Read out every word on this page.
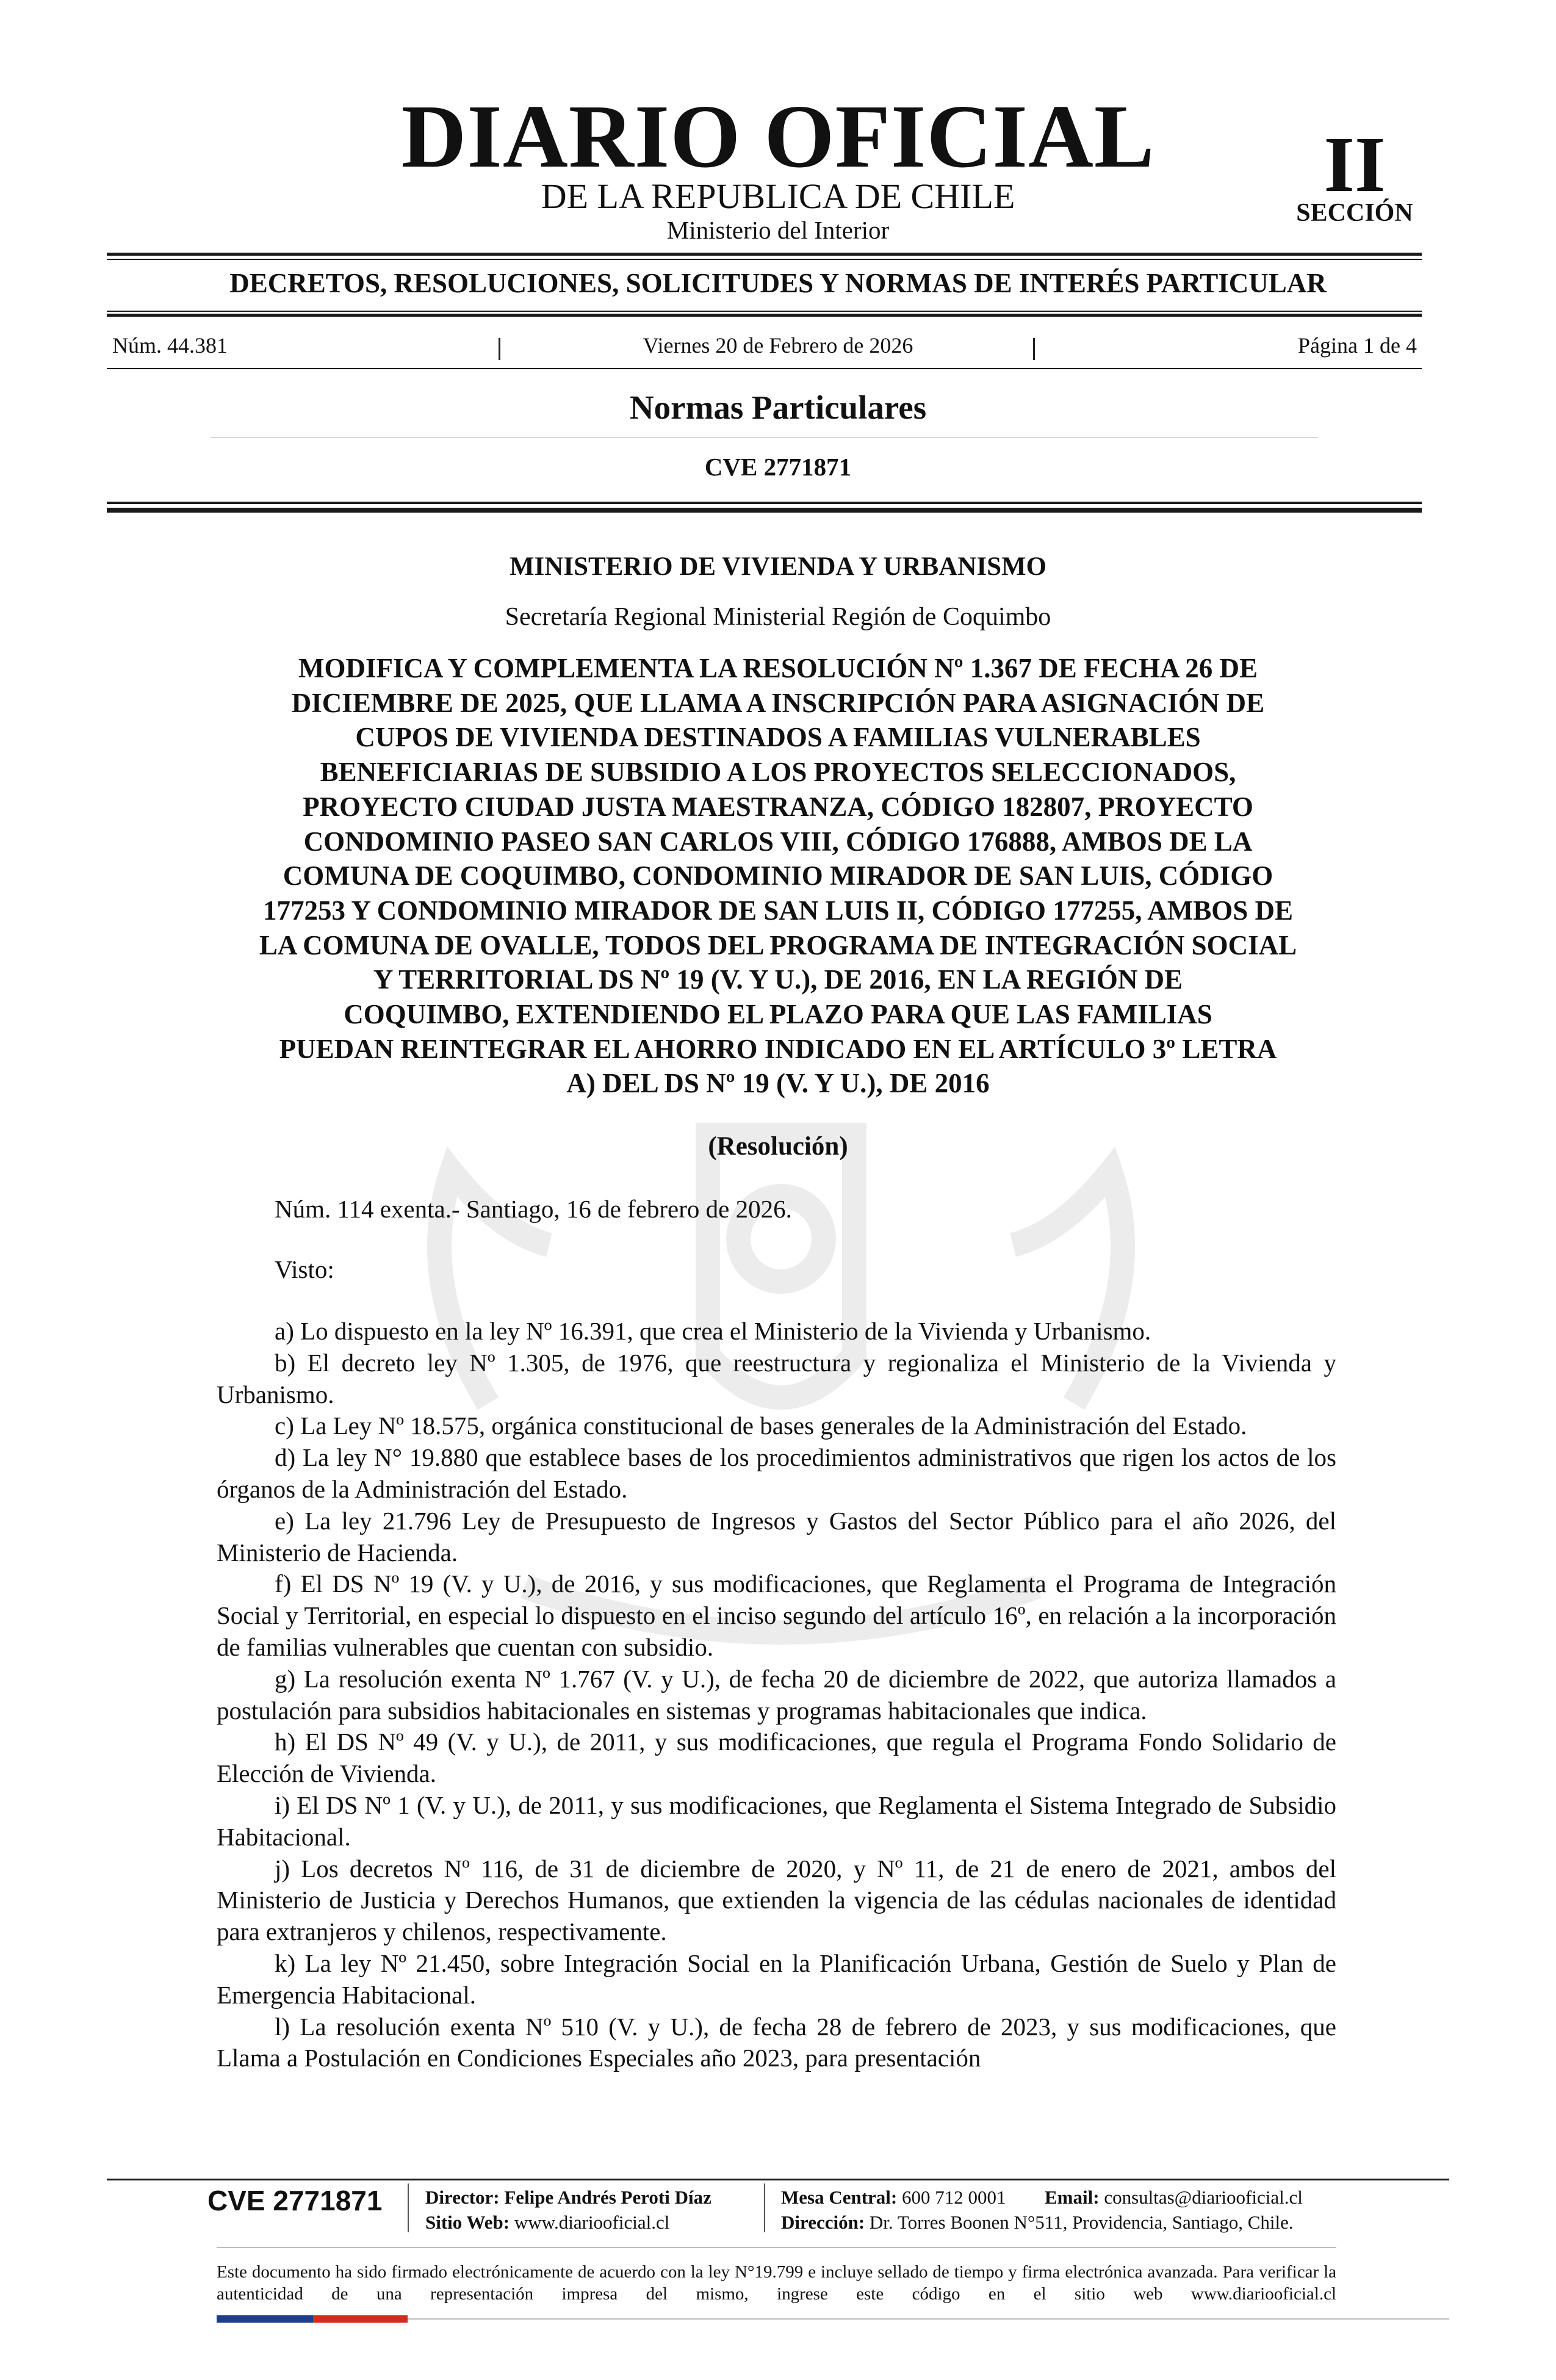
DIARIO OFICIAL
DE LA REPUBLICA DE CHILE
Ministerio del Interior
II
SECCIÓN
DECRETOS, RESOLUCIONES, SOLICITUDES Y NORMAS DE INTERÉS PARTICULAR
Núm. 44.381	Viernes 20 de Febrero de 2026	Página 1 de 4
Normas Particulares
CVE 2771871
MINISTERIO DE VIVIENDA Y URBANISMO
Secretaría Regional Ministerial Región de Coquimbo
MODIFICA Y COMPLEMENTA LA RESOLUCIÓN Nº 1.367 DE FECHA 26 DE
DICIEMBRE DE 2025, QUE LLAMA A INSCRIPCIÓN PARA ASIGNACIÓN DE
CUPOS DE VIVIENDA DESTINADOS A FAMILIAS VULNERABLES
BENEFICIARIAS DE SUBSIDIO A LOS PROYECTOS SELECCIONADOS,
PROYECTO CIUDAD JUSTA MAESTRANZA, CÓDIGO 182807, PROYECTO
CONDOMINIO PASEO SAN CARLOS VIII, CÓDIGO 176888, AMBOS DE LA
COMUNA DE COQUIMBO, CONDOMINIO MIRADOR DE SAN LUIS, CÓDIGO
177253 Y CONDOMINIO MIRADOR DE SAN LUIS II, CÓDIGO 177255, AMBOS DE
LA COMUNA DE OVALLE, TODOS DEL PROGRAMA DE INTEGRACIÓN SOCIAL
Y TERRITORIAL DS Nº 19 (V. Y U.), DE 2016, EN LA REGIÓN DE
COQUIMBO, EXTENDIENDO EL PLAZO PARA QUE LAS FAMILIAS
PUEDAN REINTEGRAR EL AHORRO INDICADO EN EL ARTÍCULO 3º LETRA
A) DEL DS Nº 19 (V. Y U.), DE 2016
(Resolución)
Núm. 114 exenta.- Santiago, 16 de febrero de 2026.
Visto:

a) Lo dispuesto en la ley Nº 16.391, que crea el Ministerio de la Vivienda y Urbanismo.

b) El decreto ley Nº 1.305, de 1976, que reestructura y regionaliza el Ministerio de la Vivienda y Urbanismo.

c) La Ley Nº 18.575, orgánica constitucional de bases generales de la Administración del Estado.

d) La ley N° 19.880 que establece bases de los procedimientos administrativos que rigen los actos de los órganos de la Administración del Estado.

e) La ley 21.796 Ley de Presupuesto de Ingresos y Gastos del Sector Público para el año 2026, del Ministerio de Hacienda.

f) El DS Nº 19 (V. y U.), de 2016, y sus modificaciones, que Reglamenta el Programa de Integración Social y Territorial, en especial lo dispuesto en el inciso segundo del artículo 16º, en relación a la incorporación de familias vulnerables que cuentan con subsidio.

g) La resolución exenta Nº 1.767 (V. y U.), de fecha 20 de diciembre de 2022, que autoriza llamados a postulación para subsidios habitacionales en sistemas y programas habitacionales que indica.

h) El DS Nº 49 (V. y U.), de 2011, y sus modificaciones, que regula el Programa Fondo Solidario de Elección de Vivienda.

i) El DS Nº 1 (V. y U.), de 2011, y sus modificaciones, que Reglamenta el Sistema Integrado de Subsidio Habitacional.

j) Los decretos Nº 116, de 31 de diciembre de 2020, y Nº 11, de 21 de enero de 2021, ambos del Ministerio de Justicia y Derechos Humanos, que extienden la vigencia de las cédulas nacionales de identidad para extranjeros y chilenos, respectivamente.

k) La ley Nº 21.450, sobre Integración Social en la Planificación Urbana, Gestión de Suelo y Plan de Emergencia Habitacional.

l) La resolución exenta Nº 510 (V. y U.), de fecha 28 de febrero de 2023, y sus modificaciones, que Llama a Postulación en Condiciones Especiales año 2023, para presentación

CVE 2771871 Director: Felipe Andrés Peroti Díaz
Sitio Web: www.diariooficial.cl
Mesa Central: 600 712 0001 Email: consultas@diariooficial.cl
Dirección: Dr. Torres Boonen N°511, Providencia, Santiago, Chile.
Este documento ha sido firmado electrónicamente de acuerdo con la ley N°19.799 e incluye sellado de tiempo y firma electrónica avanzada. Para verificar la autenticidad de una representación impresa del mismo, ingrese este código en el sitio web www.diariooficial.cl
